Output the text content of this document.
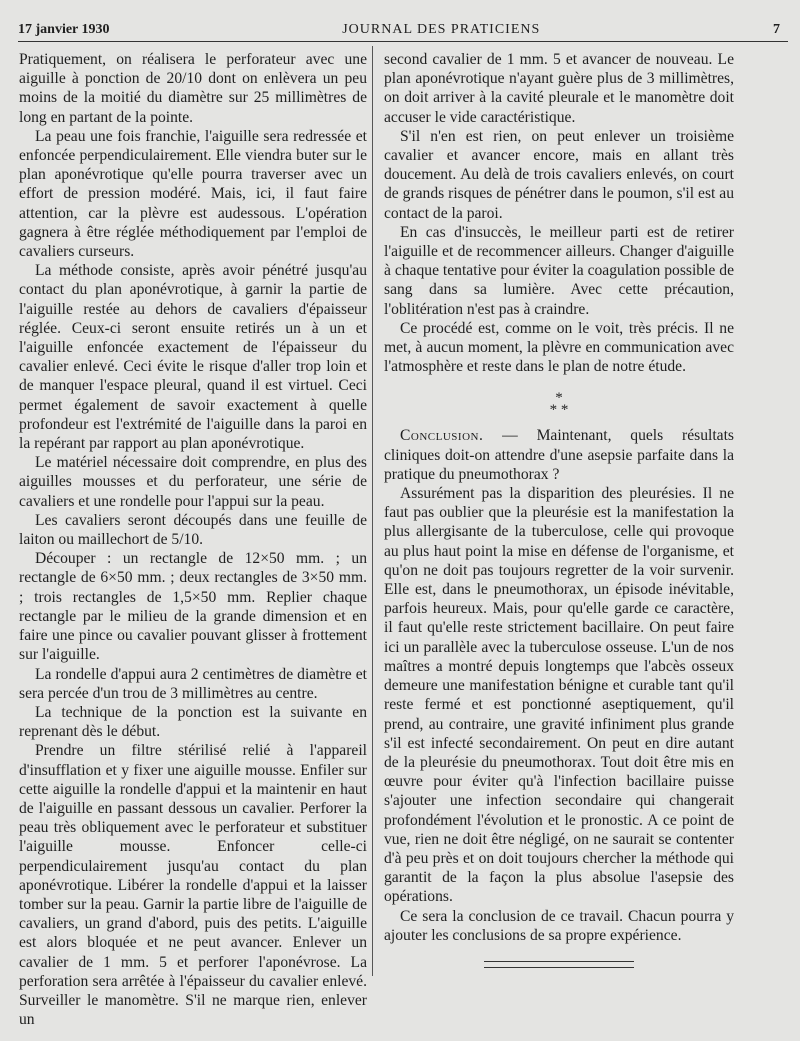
17 janvier 1930	JOURNAL DES PRATICIENS	7

Pratiquement, on réalisera le perforateur avec une aiguille à ponction de 20/10 dont on enlèvera un peu moins de la moitié du diamètre sur 25 millimètres de long en partant de la pointe.

La peau une fois franchie, l'aiguille sera redressée et enfoncée perpendiculairement. Elle viendra buter sur le plan aponévrotique qu'elle pourra traverser avec un effort de pression modéré. Mais, ici, il faut faire attention, car la plèvre est audessous. L'opération gagnera à être réglée méthodiquement par l'emploi de cavaliers curseurs.

La méthode consiste, après avoir pénétré jusqu'au contact du plan aponévrotique, à garnir la partie de l'aiguille restée au dehors de cavaliers d'épaisseur réglée. Ceux-ci seront ensuite retirés un à un et l'aiguille enfoncée exactement de l'épaisseur du cavalier enlevé. Ceci évite le risque d'aller trop loin et de manquer l'espace pleural, quand il est virtuel. Ceci permet également de savoir exactement à quelle profondeur est l'extrémité de l'aiguille dans la paroi en la repérant par rapport au plan aponévrotique.

Le matériel nécessaire doit comprendre, en plus des aiguilles mousses et du perforateur, une série de cavaliers et une rondelle pour l'appui sur la peau.

Les cavaliers seront découpés dans une feuille de laiton ou maillechort de 5/10.

Découper : un rectangle de 12×50 mm. ; un rectangle de 6×50 mm. ; deux rectangles de 3×50 mm. ; trois rectangles de 1,5×50 mm. Replier chaque rectangle par le milieu de la grande dimension et en faire une pince ou cavalier pouvant glisser à frottement sur l'aiguille.

La rondelle d'appui aura 2 centimètres de diamètre et sera percée d'un trou de 3 millimètres au centre.

La technique de la ponction est la suivante en reprenant dès le début.

Prendre un filtre stérilisé relié à l'appareil d'insufflation et y fixer une aiguille mousse. Enfiler sur cette aiguille la rondelle d'appui et la maintenir en haut de l'aiguille en passant dessous un cavalier. Perforer la peau très obliquement avec le perforateur et substituer l'aiguille mousse. Enfoncer celle-ci perpendiculairement jusqu'au contact du plan aponévrotique. Libérer la rondelle d'appui et la laisser tomber sur la peau. Garnir la partie libre de l'aiguille de cavaliers, un grand d'abord, puis des petits. L'aiguille est alors bloquée et ne peut avancer. Enlever un cavalier de 1 mm. 5 et perforer l'aponévrose. La perforation sera arrêtée à l'épaisseur du cavalier enlevé. Surveiller le manomètre. S'il ne marque rien, enlever un

second cavalier de 1 mm. 5 et avancer de nouveau. Le plan aponévrotique n'ayant guère plus de 3 millimètres, on doit arriver à la cavité pleurale et le manomètre doit accuser le vide caractéristique.

S'il n'en est rien, on peut enlever un troisième cavalier et avancer encore, mais en allant très doucement. Au delà de trois cavaliers enlevés, on court de grands risques de pénétrer dans le poumon, s'il est au contact de la paroi.

En cas d'insuccès, le meilleur parti est de retirer l'aiguille et de recommencer ailleurs. Changer d'aiguille à chaque tentative pour éviter la coagulation possible de sang dans sa lumière. Avec cette précaution, l'oblitération n'est pas à craindre.

Ce procédé est, comme on le voit, très précis. Il ne met, à aucun moment, la plèvre en communication avec l'atmosphère et reste dans le plan de notre étude.

*
* *

Conclusion. — Maintenant, quels résultats cliniques doit-on attendre d'une asepsie parfaite dans la pratique du pneumothorax ?

Assurément pas la disparition des pleurésies. Il ne faut pas oublier que la pleurésie est la manifestation la plus allergisante de la tuberculose, celle qui provoque au plus haut point la mise en défense de l'organisme, et qu'on ne doit pas toujours regretter de la voir survenir. Elle est, dans le pneumothorax, un épisode inévitable, parfois heureux. Mais, pour qu'elle garde ce caractère, il faut qu'elle reste strictement bacillaire. On peut faire ici un parallèle avec la tuberculose osseuse. L'un de nos maîtres a montré depuis longtemps que l'abcès osseux demeure une manifestation bénigne et curable tant qu'il reste fermé et est ponctionné aseptiquement, qu'il prend, au contraire, une gravité infiniment plus grande s'il est infecté secondairement. On peut en dire autant de la pleurésie du pneumothorax. Tout doit être mis en œuvre pour éviter qu'à l'infection bacillaire puisse s'ajouter une infection secondaire qui changerait profondément l'évolution et le pronostic. A ce point de vue, rien ne doit être négligé, on ne saurait se contenter d'à peu près et on doit toujours chercher la méthode qui garantit de la façon la plus absolue l'asepsie des opérations.

Ce sera la conclusion de ce travail. Chacun pourra y ajouter les conclusions de sa propre expérience.
